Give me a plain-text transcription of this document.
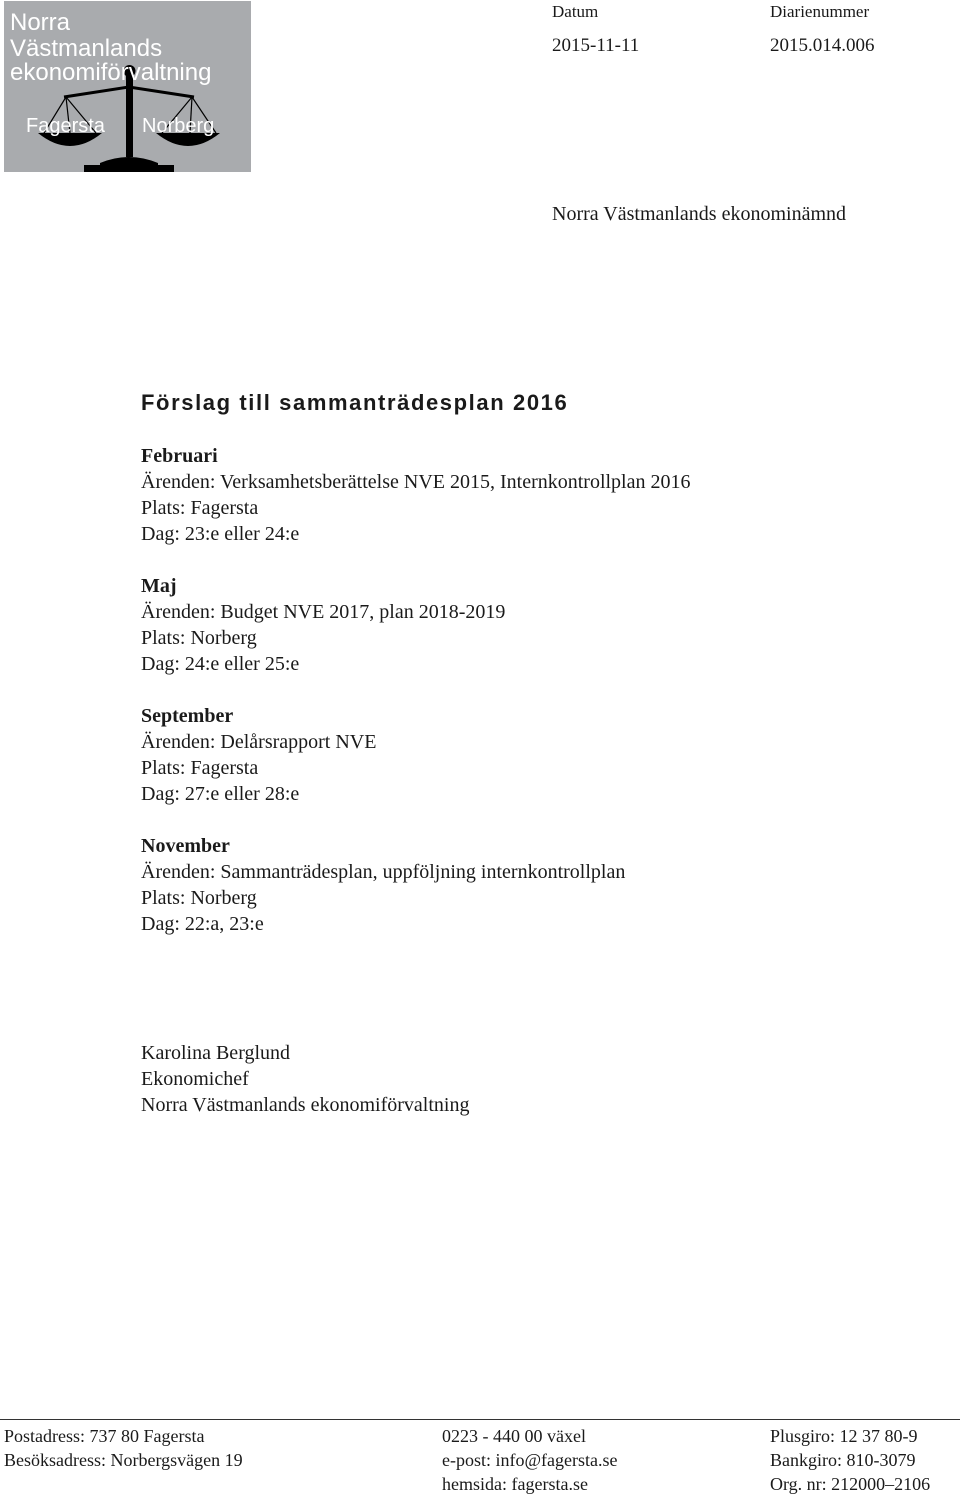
Norra
Västmanlands
ekonomiförvaltning
Fagersta Norberg
Datum	Diarienummer
2015-11-11	2015.014.006
Norra Västmanlands ekonominämnd
Förslag till sammanträdesplan 2016
Februari
Ärenden: Verksamhetsberättelse NVE 2015, Internkontrollplan 2016
Plats: Fagersta
Dag: 23:e eller 24:e
Maj
Ärenden: Budget NVE 2017, plan 2018-2019
Plats: Norberg
Dag: 24:e eller 25:e
September
Ärenden: Delårsrapport NVE
Plats: Fagersta
Dag: 27:e eller 28:e
November
Ärenden: Sammanträdesplan, uppföljning internkontrollplan
Plats: Norberg
Dag: 22:a, 23:e
Karolina Berglund
Ekonomichef
Norra Västmanlands ekonomiförvaltning
Postadress: 737 80 Fagersta
Besöksadress: Norbergsvägen 19
0223 - 440 00 växel
e-post: info@fagersta.se
hemsida: fagersta.se
Plusgiro: 12 37 80-9
Bankgiro: 810-3079
Org. nr: 212000–2106
